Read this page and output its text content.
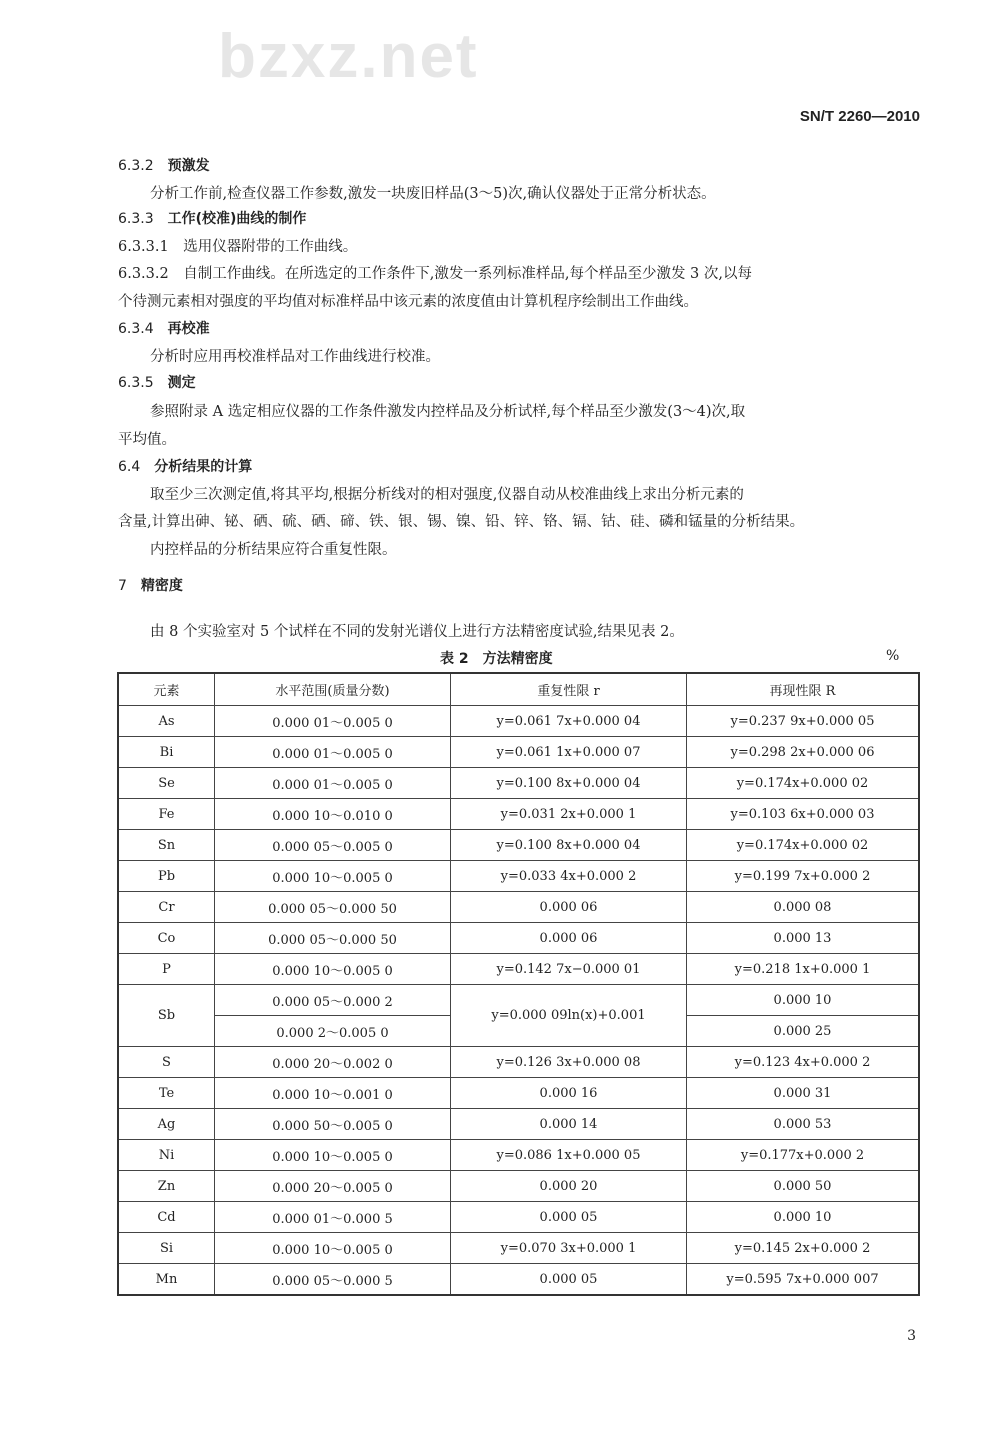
bzxz.net
SN/T 2260—2010
6.3.2 预激发
分析工作前,检查仪器工作参数,激发一块废旧样品(3～5)次,确认仪器处于正常分析状态。
6.3.3 工作(校准)曲线的制作
6.3.3.1　选用仪器附带的工作曲线。
6.3.3.2　自制工作曲线。在所选定的工作条件下,激发一系列标准样品,每个样品至少激发 3 次,以每
个待测元素相对强度的平均值对标准样品中该元素的浓度值由计算机程序绘制出工作曲线。
6.3.4 再校准
分析时应用再校准样品对工作曲线进行校准。
6.3.5 测定
参照附录 A 选定相应仪器的工作条件激发内控样品及分析试样,每个样品至少激发(3～4)次,取
平均值。
6.4 分析结果的计算
取至少三次测定值,将其平均,根据分析线对的相对强度,仪器自动从校准曲线上求出分析元素的
含量,计算出砷、铋、硒、硫、硒、碲、铁、银、锡、镍、铅、锌、铬、镉、钴、硅、磷和锰量的分析结果。
内控样品的分析结果应符合重复性限。
7 精密度
由 8 个实验室对 5 个试样在不同的发射光谱仪上进行方法精密度试验,结果见表 2。
表 2　方法精密度	%
元素	水平范围(质量分数)	重复性限 r	再现性限 R
As	0.000 01～0.005 0	y=0.061 7x+0.000 04	y=0.237 9x+0.000 05
Bi	0.000 01～0.005 0	y=0.061 1x+0.000 07	y=0.298 2x+0.000 06
Se	0.000 01～0.005 0	y=0.100 8x+0.000 04	y=0.174x+0.000 02
Fe	0.000 10～0.010 0	y=0.031 2x+0.000 1	y=0.103 6x+0.000 03
Sn	0.000 05～0.005 0	y=0.100 8x+0.000 04	y=0.174x+0.000 02
Pb	0.000 10～0.005 0	y=0.033 4x+0.000 2	y=0.199 7x+0.000 2
Cr	0.000 05～0.000 50	0.000 06	0.000 08
Co	0.000 05～0.000 50	0.000 06	0.000 13
P	0.000 10～0.005 0	y=0.142 7x−0.000 01	y=0.218 1x+0.000 1
Sb	0.000 05～0.000 2	y=0.000 09ln(x)+0.001	0.000 10
	0.000 2～0.005 0		0.000 25
S	0.000 20～0.002 0	y=0.126 3x+0.000 08	y=0.123 4x+0.000 2
Te	0.000 10～0.001 0	0.000 16	0.000 31
Ag	0.000 50～0.005 0	0.000 14	0.000 53
Ni	0.000 10～0.005 0	y=0.086 1x+0.000 05	y=0.177x+0.000 2
Zn	0.000 20～0.005 0	0.000 20	0.000 50
Cd	0.000 01～0.000 5	0.000 05	0.000 10
Si	0.000 10～0.005 0	y=0.070 3x+0.000 1	y=0.145 2x+0.000 2
Mn	0.000 05～0.000 5	0.000 05	y=0.595 7x+0.000 007
3
